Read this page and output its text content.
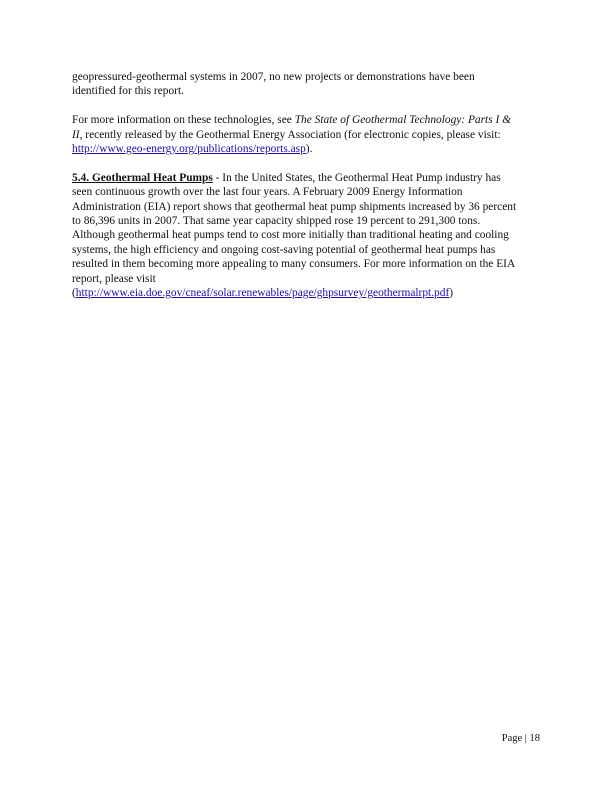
geopressured-geothermal systems in 2007, no new projects or demonstrations have been
identified for this report.

For more information on these technologies, see The State of Geothermal Technology: Parts I &
II, recently released by the Geothermal Energy Association (for electronic copies, please visit:
http://www.geo-energy.org/publications/reports.asp).

5.4. Geothermal Heat Pumps - In the United States, the Geothermal Heat Pump industry has
seen continuous growth over the last four years. A February 2009 Energy Information
Administration (EIA) report shows that geothermal heat pump shipments increased by 36 percent
to 86,396 units in 2007. That same year capacity shipped rose 19 percent to 291,300 tons.
Although geothermal heat pumps tend to cost more initially than traditional heating and cooling
systems, the high efficiency and ongoing cost-saving potential of geothermal heat pumps has
resulted in them becoming more appealing to many consumers. For more information on the EIA
report, please visit
(http://www.eia.doe.gov/cneaf/solar.renewables/page/ghpsurvey/geothermalrpt.pdf)

Page | 18
